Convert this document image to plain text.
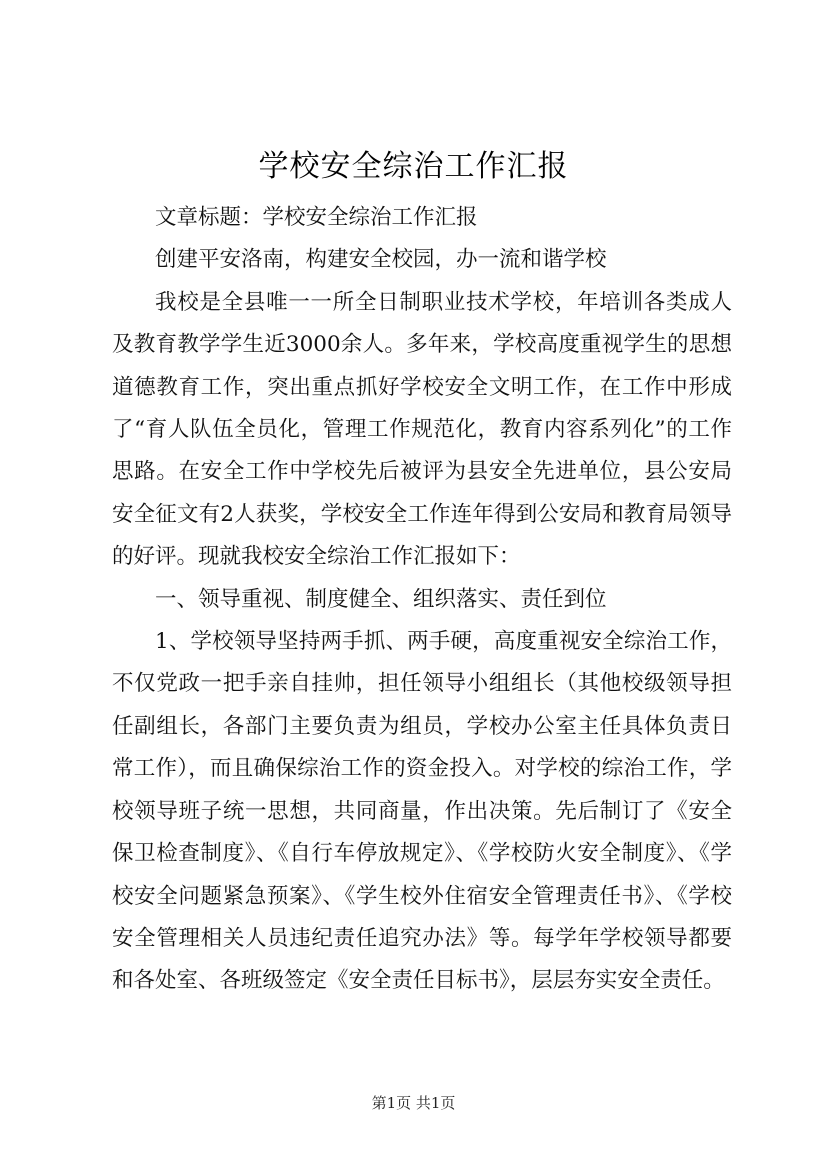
学校安全综治工作汇报

文章标题：学校安全综治工作汇报

创建平安洛南，构建安全校园，办一流和谐学校

我校是全县唯一一所全日制职业技术学校，年培训各类成人及教育教学学生近3000余人。多年来，学校高度重视学生的思想道德教育工作，突出重点抓好学校安全文明工作，在工作中形成了“育人队伍全员化，管理工作规范化，教育内容系列化”的工作思路。在安全工作中学校先后被评为县安全先进单位，县公安局安全征文有2人获奖，学校安全工作连年得到公安局和教育局领导的好评。现就我校安全综治工作汇报如下：

一、领导重视、制度健全、组织落实、责任到位

1、学校领导坚持两手抓、两手硬，高度重视安全综治工作，不仅党政一把手亲自挂帅，担任领导小组组长（其他校级领导担任副组长，各部门主要负责为组员，学校办公室主任具体负责日常工作），而且确保综治工作的资金投入。对学校的综治工作，学校领导班子统一思想，共同商量，作出决策。先后制订了《安全保卫检查制度》、《自行车停放规定》、《学校防火安全制度》、《学校安全问题紧急预案》、《学生校外住宿安全管理责任书》、《学校安全管理相关人员违纪责任追究办法》等。每学年学校领导都要和各处室、各班级签定《安全责任目标书》，层层夯实安全责任。

第1页 共1页
